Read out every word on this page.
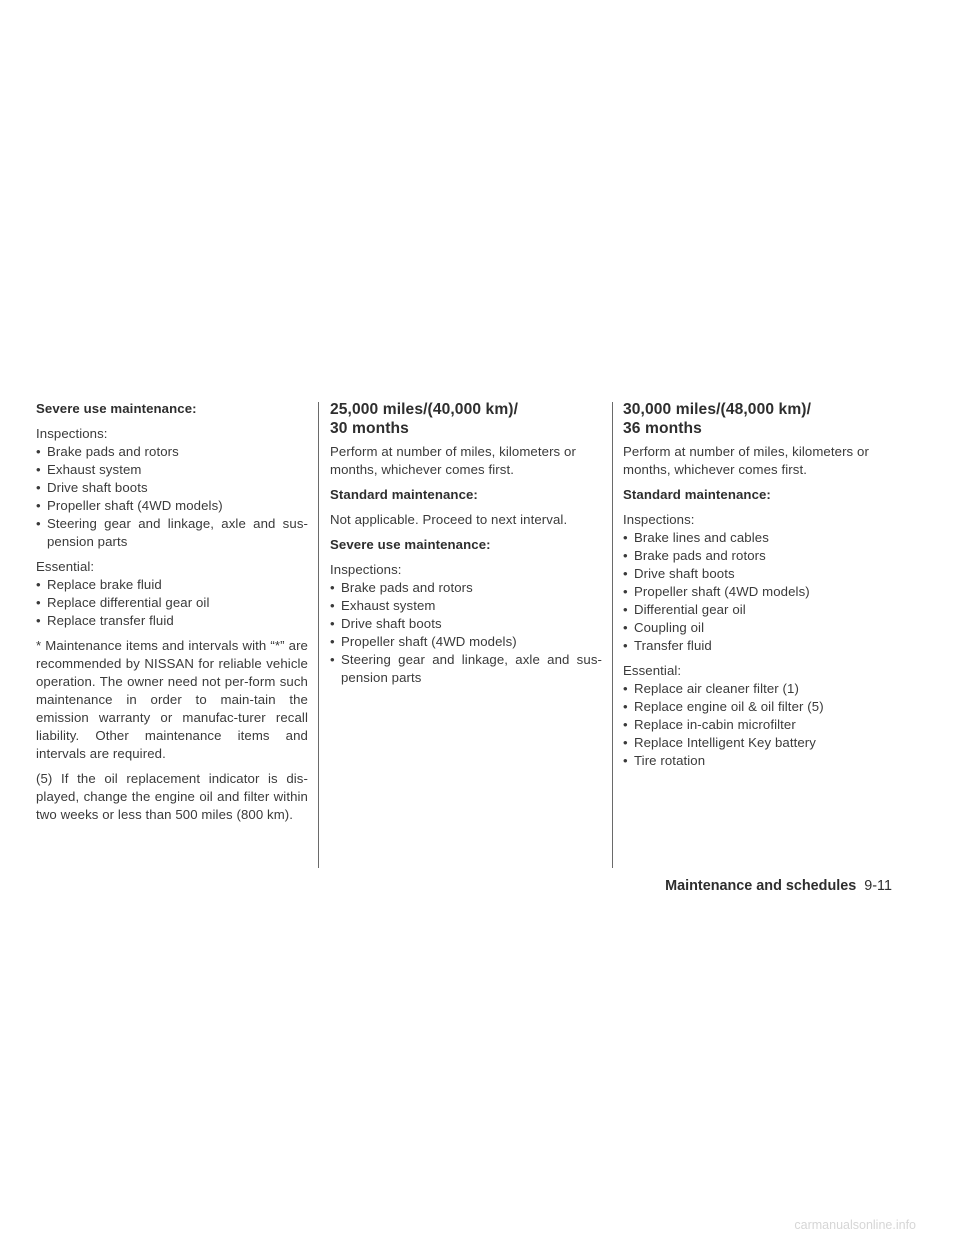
Severe use maintenance:

Inspections:

• Brake pads and rotors
• Exhaust system
• Drive shaft boots
• Propeller shaft (4WD models)
• Steering gear and linkage, axle and sus-pension parts

Essential:

• Replace brake fluid
• Replace differential gear oil
• Replace transfer fluid

* Maintenance items and intervals with “*” are recommended by NISSAN for reliable vehicle operation. The owner need not per-form such maintenance in order to main-tain the emission warranty or manufac-turer recall liability. Other maintenance items and intervals are required.

(5) If the oil replacement indicator is dis-played, change the engine oil and filter within two weeks or less than 500 miles (800 km).

25,000 miles/(40,000 km)/
30 months

Perform at number of miles, kilometers or months, whichever comes first.

Standard maintenance:

Not applicable. Proceed to next interval.

Severe use maintenance:

Inspections:

• Brake pads and rotors
• Exhaust system
• Drive shaft boots
• Propeller shaft (4WD models)
• Steering gear and linkage, axle and sus-pension parts
30,000 miles/(48,000 km)/
36 months

Perform at number of miles, kilometers or months, whichever comes first.

Standard maintenance:

Inspections:

• Brake lines and cables
• Brake pads and rotors
• Drive shaft boots
• Propeller shaft (4WD models)
• Differential gear oil
• Coupling oil
• Transfer fluid

Essential:

• Replace air cleaner filter (1)
• Replace engine oil & oil filter (5)
• Replace in-cabin microfilter
• Replace Intelligent Key battery
• Tire rotation
Maintenance and schedules 9-11
carmanualsonline.info
